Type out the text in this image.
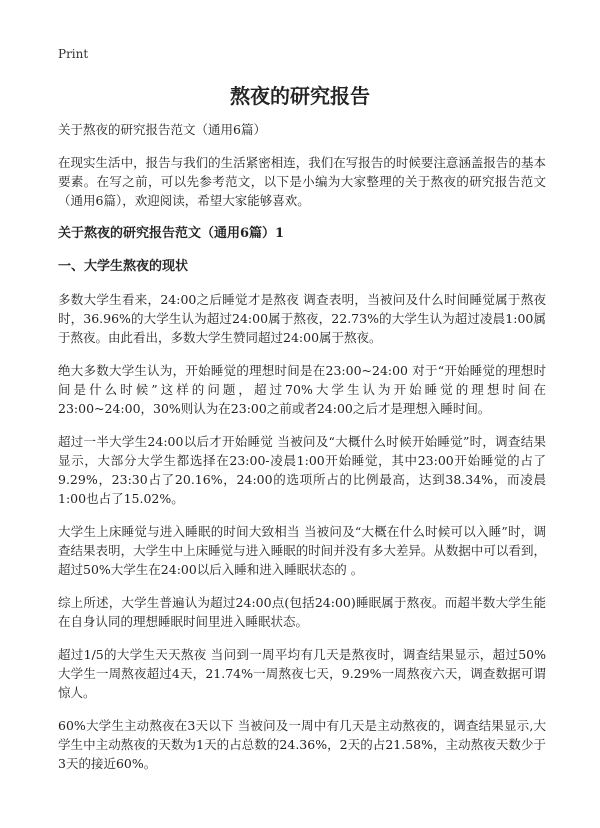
Print
熬夜的研究报告

关于熬夜的研究报告范文（通用6篇）

在现实生活中，报告与我们的生活紧密相连，我们在写报告的时候要注意涵盖报告的基本要素。在写之前，可以先参考范文，以下是小编为大家整理的关于熬夜的研究报告范文（通用6篇），欢迎阅读，希望大家能够喜欢。

关于熬夜的研究报告范文（通用6篇）1
一、大学生熬夜的现状

多数大学生看来，24:00之后睡觉才是熬夜 调查表明，当被问及什么时间睡觉属于熬夜时，36.96%的大学生认为超过24:00属于熬夜，22.73%的大学生认为超过凌晨1:00属于熬夜。由此看出，多数大学生赞同超过24:00属于熬夜。

绝大多数大学生认为，开始睡觉的理想时间是在23:00~24:00 对于“开始睡觉的理想时间是什么时候”这样的问题，超过70%大学生认为开始睡觉的理想时间在23:00~24:00，30%则认为在23:00之前或者24:00之后才是理想入睡时间。

超过一半大学生24:00以后才开始睡觉 当被问及“大概什么时候开始睡觉”时，调查结果显示，大部分大学生都选择在23:00-凌晨1:00开始睡觉，其中23:00开始睡觉的占了9.29%，23:30占了20.16%，24:00的选项所占的比例最高，达到38.34%，而凌晨1:00也占了15.02%。

大学生上床睡觉与进入睡眠的时间大致相当 当被问及“大概在什么时候可以入睡”时，调查结果表明，大学生中上床睡觉与进入睡眠的时间并没有多大差异。从数据中可以看到，超过50%大学生在24:00以后入睡和进入睡眠状态的 。

综上所述，大学生普遍认为超过24:00点(包括24:00)睡眠属于熬夜。而超半数大学生能在自身认同的理想睡眠时间里进入睡眠状态。

超过1/5的大学生天天熬夜 当问到一周平均有几天是熬夜时，调查结果显示，超过50%大学生一周熬夜超过4天，21.74%一周熬夜七天，9.29%一周熬夜六天，调查数据可谓惊人。

60%大学生主动熬夜在3天以下 当被问及一周中有几天是主动熬夜的，调查结果显示,大学生中主动熬夜的天数为1天的占总数的24.36%，2天的占21.58%，主动熬夜天数少于3天的接近60%。
